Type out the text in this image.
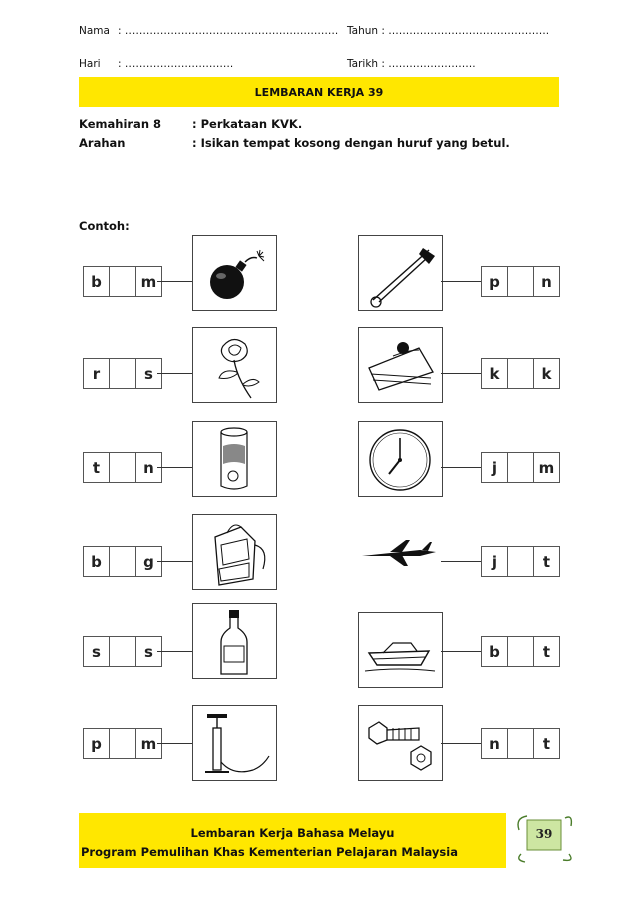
Nama : ……………………………………………………. Tahun : ……………………………………….
Hari : ………………………….	Tarikh : …………………….
LEMBARAN KERJA 39
Kemahiran 8	: Perkataan KVK.
Arahan	: Isikan tempat kosong dengan huruf yang betul.
Contoh:
b	m
r	s
t	n
b	g
s	s
p	m
p	n
k	k
j	m
j	t
b	t
n	t
Lembaran Kerja Bahasa Melayu
Program Pemulihan Khas Kementerian Pelajaran Malaysia
39
